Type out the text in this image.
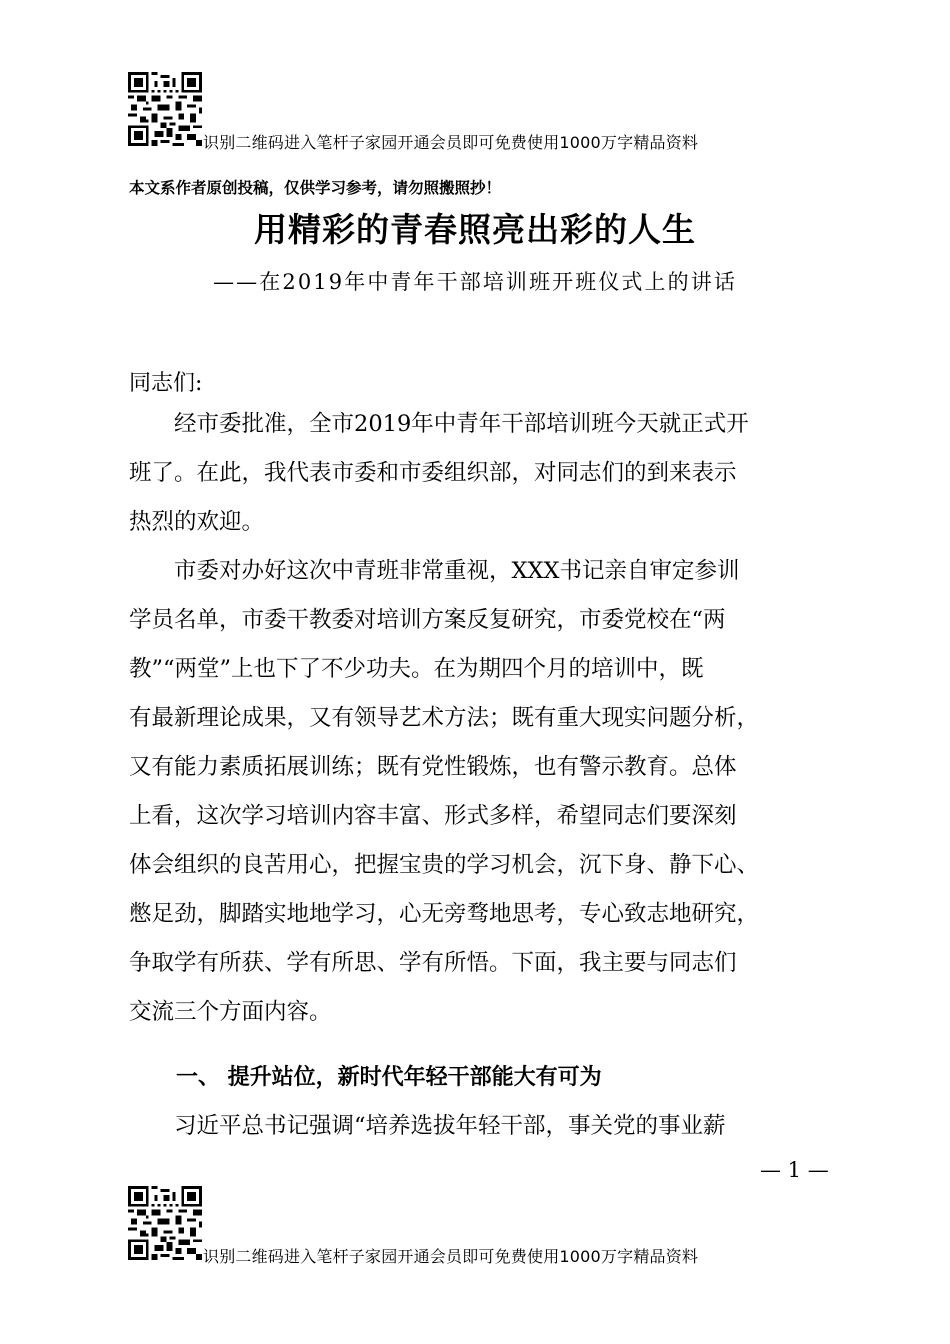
识别二维码进入笔杆子家园开通会员即可免费使用1000万字精品资料
本文系作者原创投稿，仅供学习参考，请勿照搬照抄！
用精彩的青春照亮出彩的人生
——在2019年中青年干部培训班开班仪式上的讲话
同志们:
　　经市委批准，全市2019年中青年干部培训班今天就正式开
班了。在此，我代表市委和市委组织部，对同志们的到来表示
热烈的欢迎。
　　市委对办好这次中青班非常重视，XXX书记亲自审定参训
学员名单，市委干教委对培训方案反复研究，市委党校在“两
教”“两堂”上也下了不少功夫。在为期四个月的培训中，既
有最新理论成果，又有领导艺术方法；既有重大现实问题分析，
又有能力素质拓展训练；既有党性锻炼，也有警示教育。总体
上看，这次学习培训内容丰富、形式多样，希望同志们要深刻
体会组织的良苦用心，把握宝贵的学习机会，沉下身、静下心、
憋足劲，脚踏实地地学习，心无旁骛地思考，专心致志地研究，
争取学有所获、学有所思、学有所悟。下面，我主要与同志们
交流三个方面内容。
一、 提升站位，新时代年轻干部能大有可为
　　习近平总书记强调“培养选拔年轻干部，事关党的事业薪
— 1 —
识别二维码进入笔杆子家园开通会员即可免费使用1000万字精品资料
